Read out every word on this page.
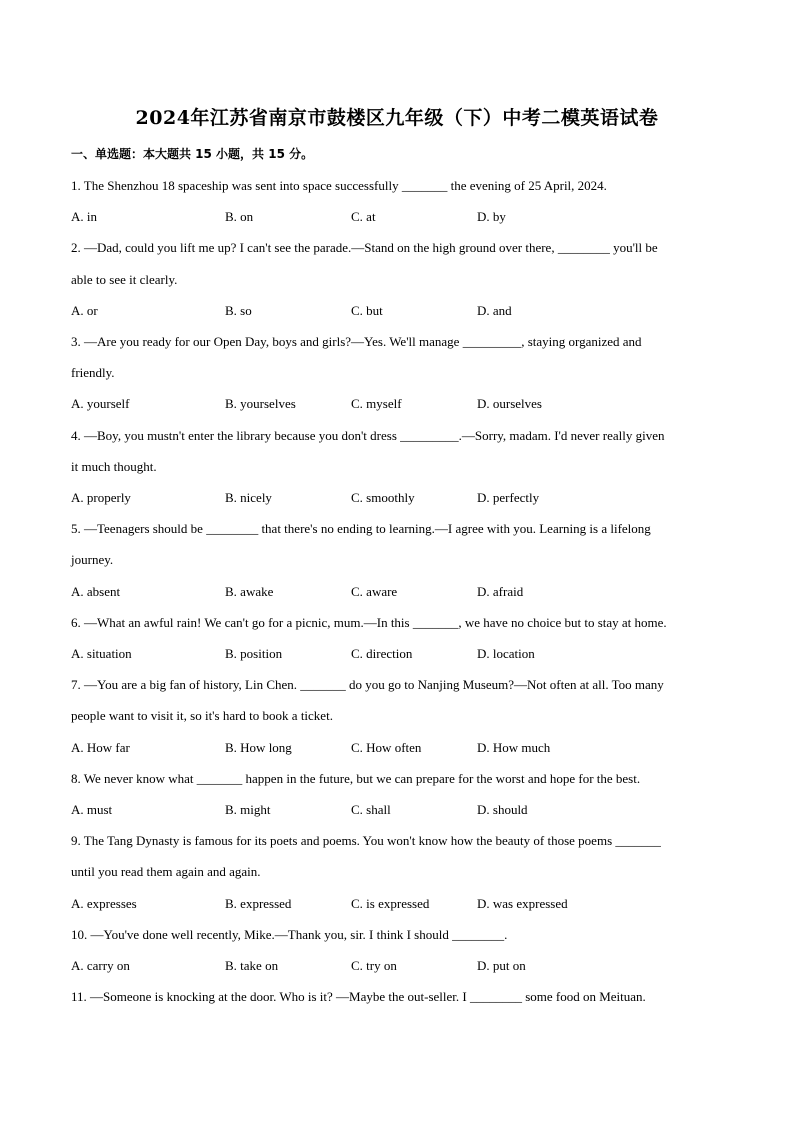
2024年江苏省南京市鼓楼区九年级（下）中考二模英语试卷
一、单选题：本大题共 15 小题，共 15 分。
1. The Shenzhou 18 spaceship was sent into space successfully _______ the evening of 25 April, 2024.
A. in	B. on	C. at	D. by
2. —Dad, could you lift me up? I can't see the parade.—Stand on the high ground over there, ________ you'll be
able to see it clearly.
A. or	B. so	C. but	D. and
3. —Are you ready for our Open Day, boys and girls?—Yes. We'll manage _________, staying organized and
friendly.
A. yourself	B. yourselves	C. myself	D. ourselves
4. —Boy, you mustn't enter the library because you don't dress _________.—Sorry, madam. I'd never really given
it much thought.
A. properly	B. nicely	C. smoothly	D. perfectly
5. —Teenagers should be ________ that there's no ending to learning.—I agree with you. Learning is a lifelong
journey.
A. absent	B. awake	C. aware	D. afraid
6. —What an awful rain! We can't go for a picnic, mum.—In this _______, we have no choice but to stay at home.
A. situation	B. position	C. direction	D. location
7. —You are a big fan of history, Lin Chen. _______ do you go to Nanjing Museum?—Not often at all. Too many
people want to visit it, so it's hard to book a ticket.
A. How far	B. How long	C. How often	D. How much
8. We never know what _______ happen in the future, but we can prepare for the worst and hope for the best.
A. must	B. might	C. shall	D. should
9. The Tang Dynasty is famous for its poets and poems. You won't know how the beauty of those poems _______
until you read them again and again.
A. expresses	B. expressed	C. is expressed	D. was expressed
10. —You've done well recently, Mike.—Thank you, sir. I think I should ________.
A. carry on	B. take on	C. try on	D. put on
11. —Someone is knocking at the door. Who is it? —Maybe the out-seller. I ________ some food on Meituan.
